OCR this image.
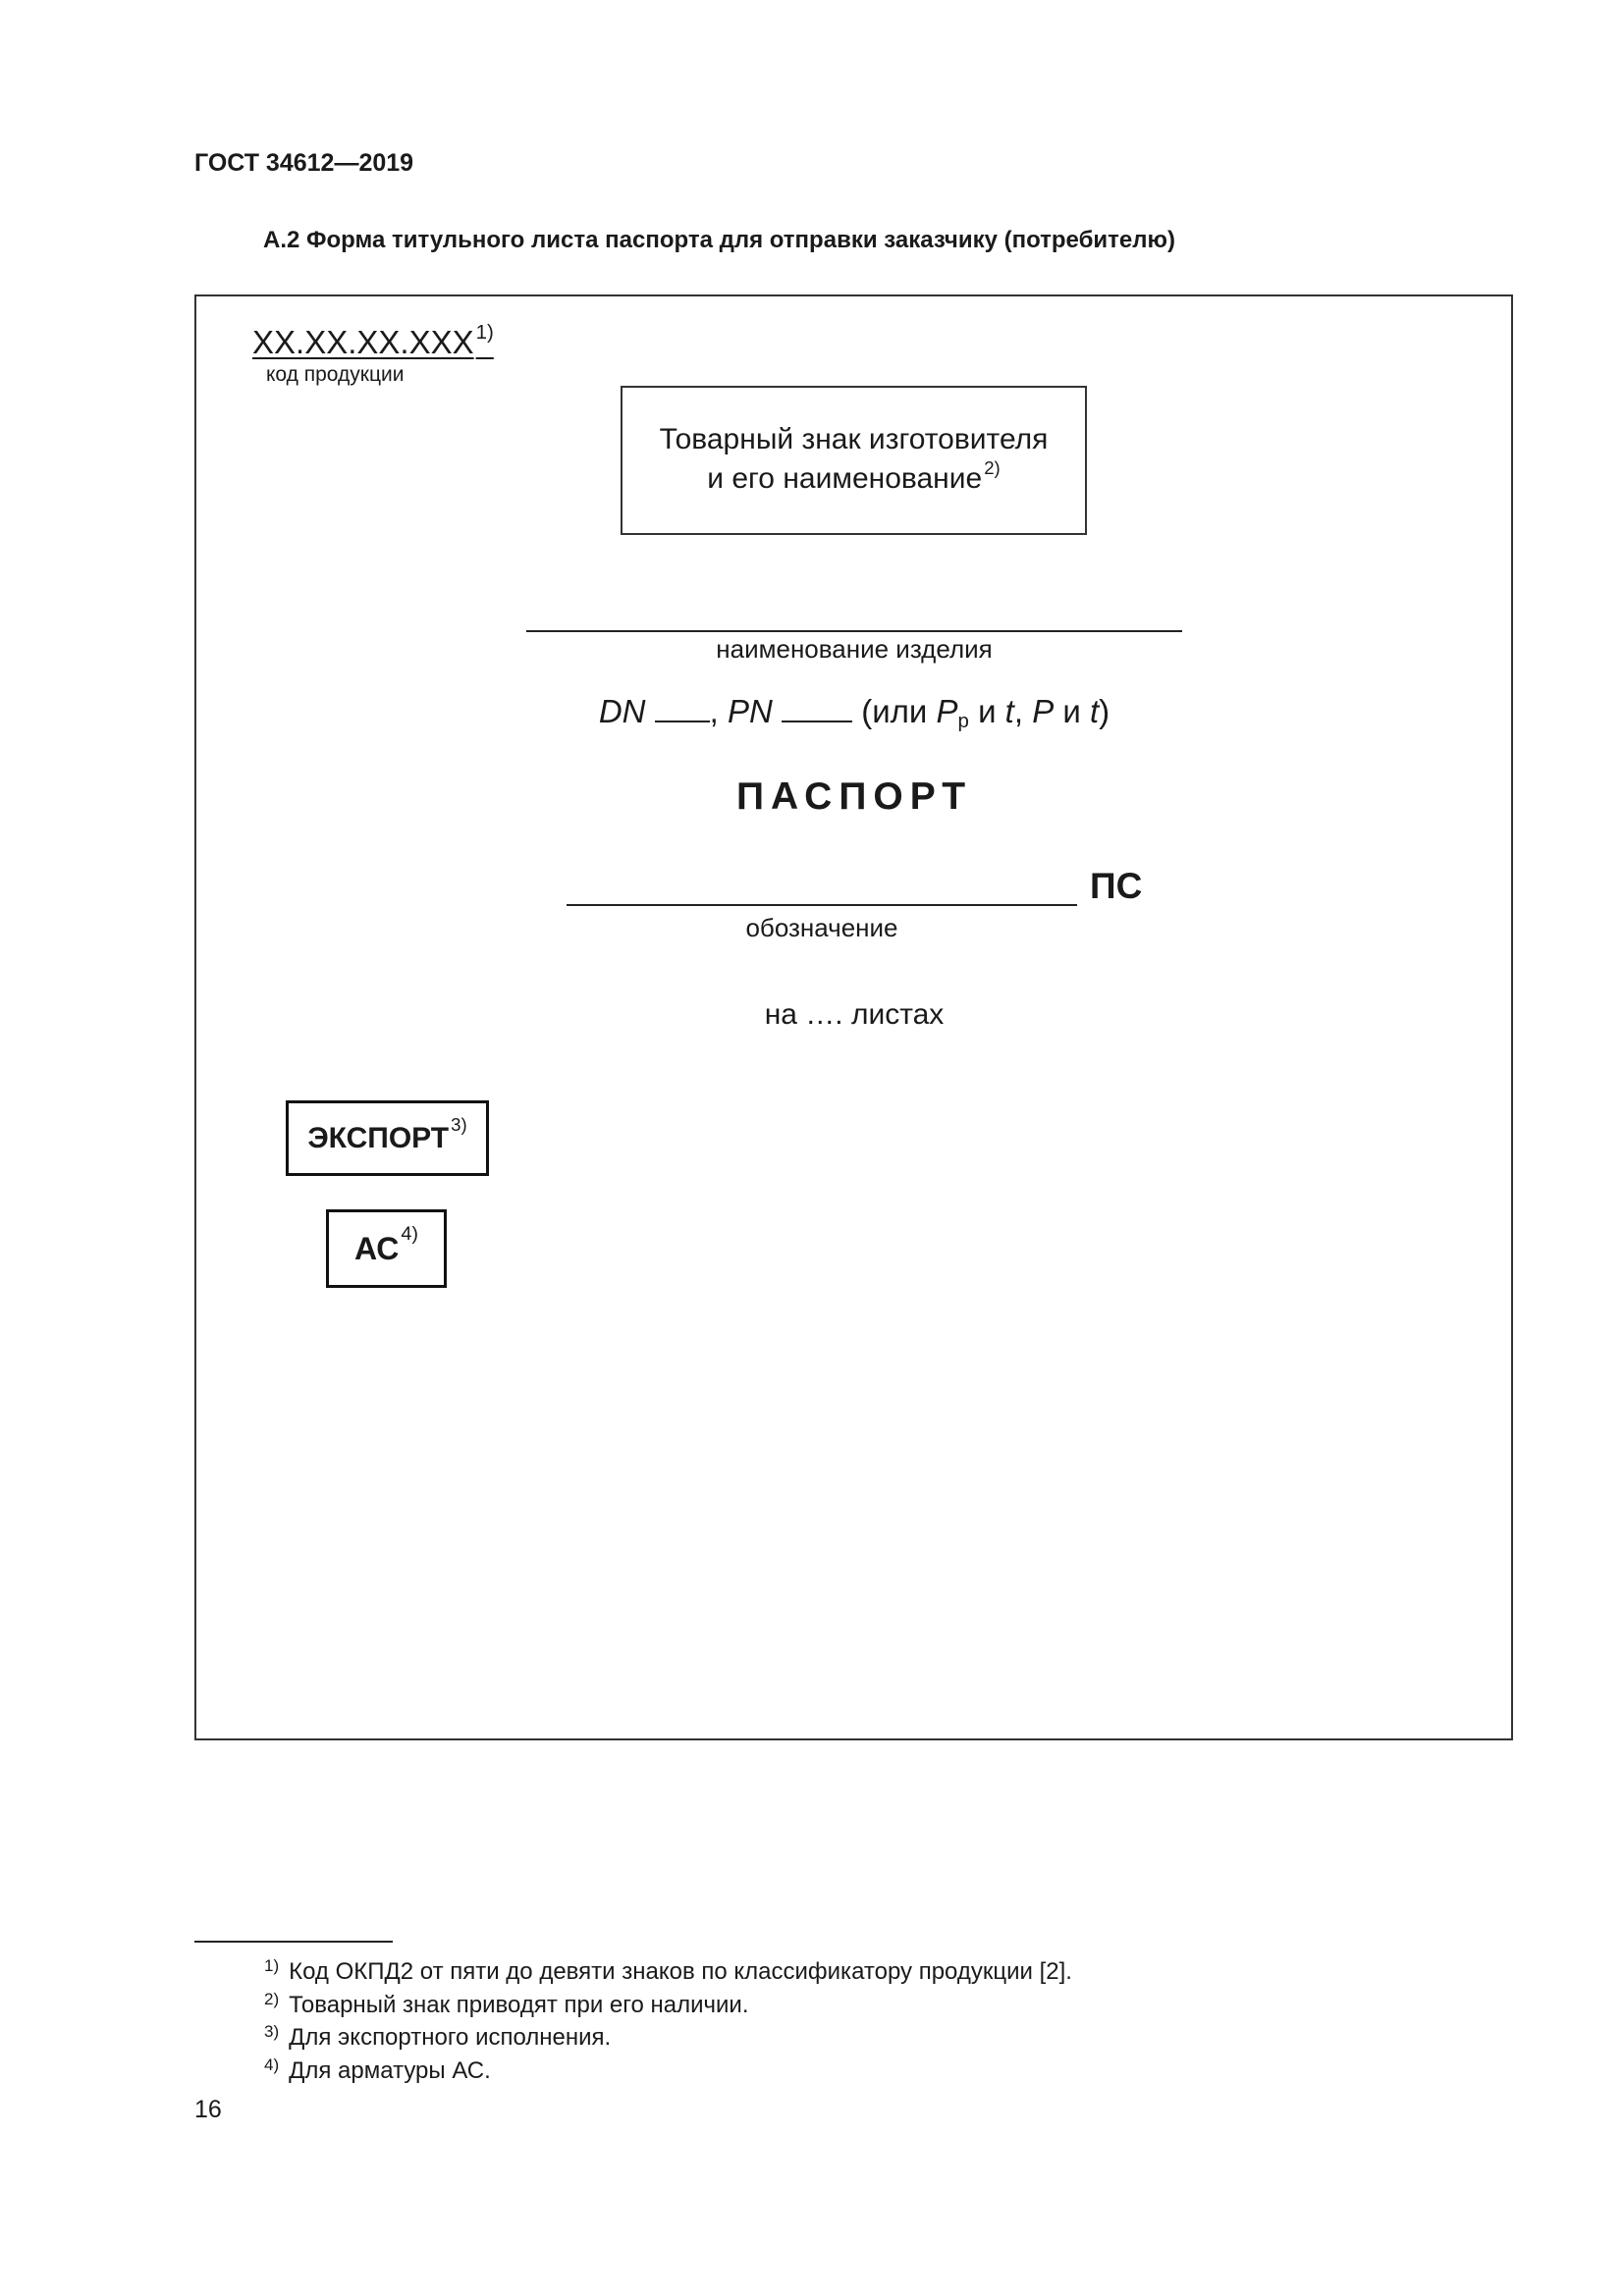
ГОСТ 34612—2019
А.2 Форма титульного листа паспорта для отправки заказчику (потребителю)
XX.XX.XX.XXX$^{1)}$
код продукции
Товарный знак изготовителя
и его наименование $^{2)}$
наименование изделия
DN , PN	(или $P_р$ и t, P и t)
ПАСПОРТ
ПС
обозначение
на …. листах
ЭКСПОРТ$^{3)}$
АС$^{4)}$
$^{1)}$ Код ОКПД2 от пяти до девяти знаков по классификатору продукции [2].
$^{2)}$ Товарный знак приводят при его наличии.
$^{3)}$ Для экспортного исполнения.
$^{4)}$ Для арматуры АС.
16
